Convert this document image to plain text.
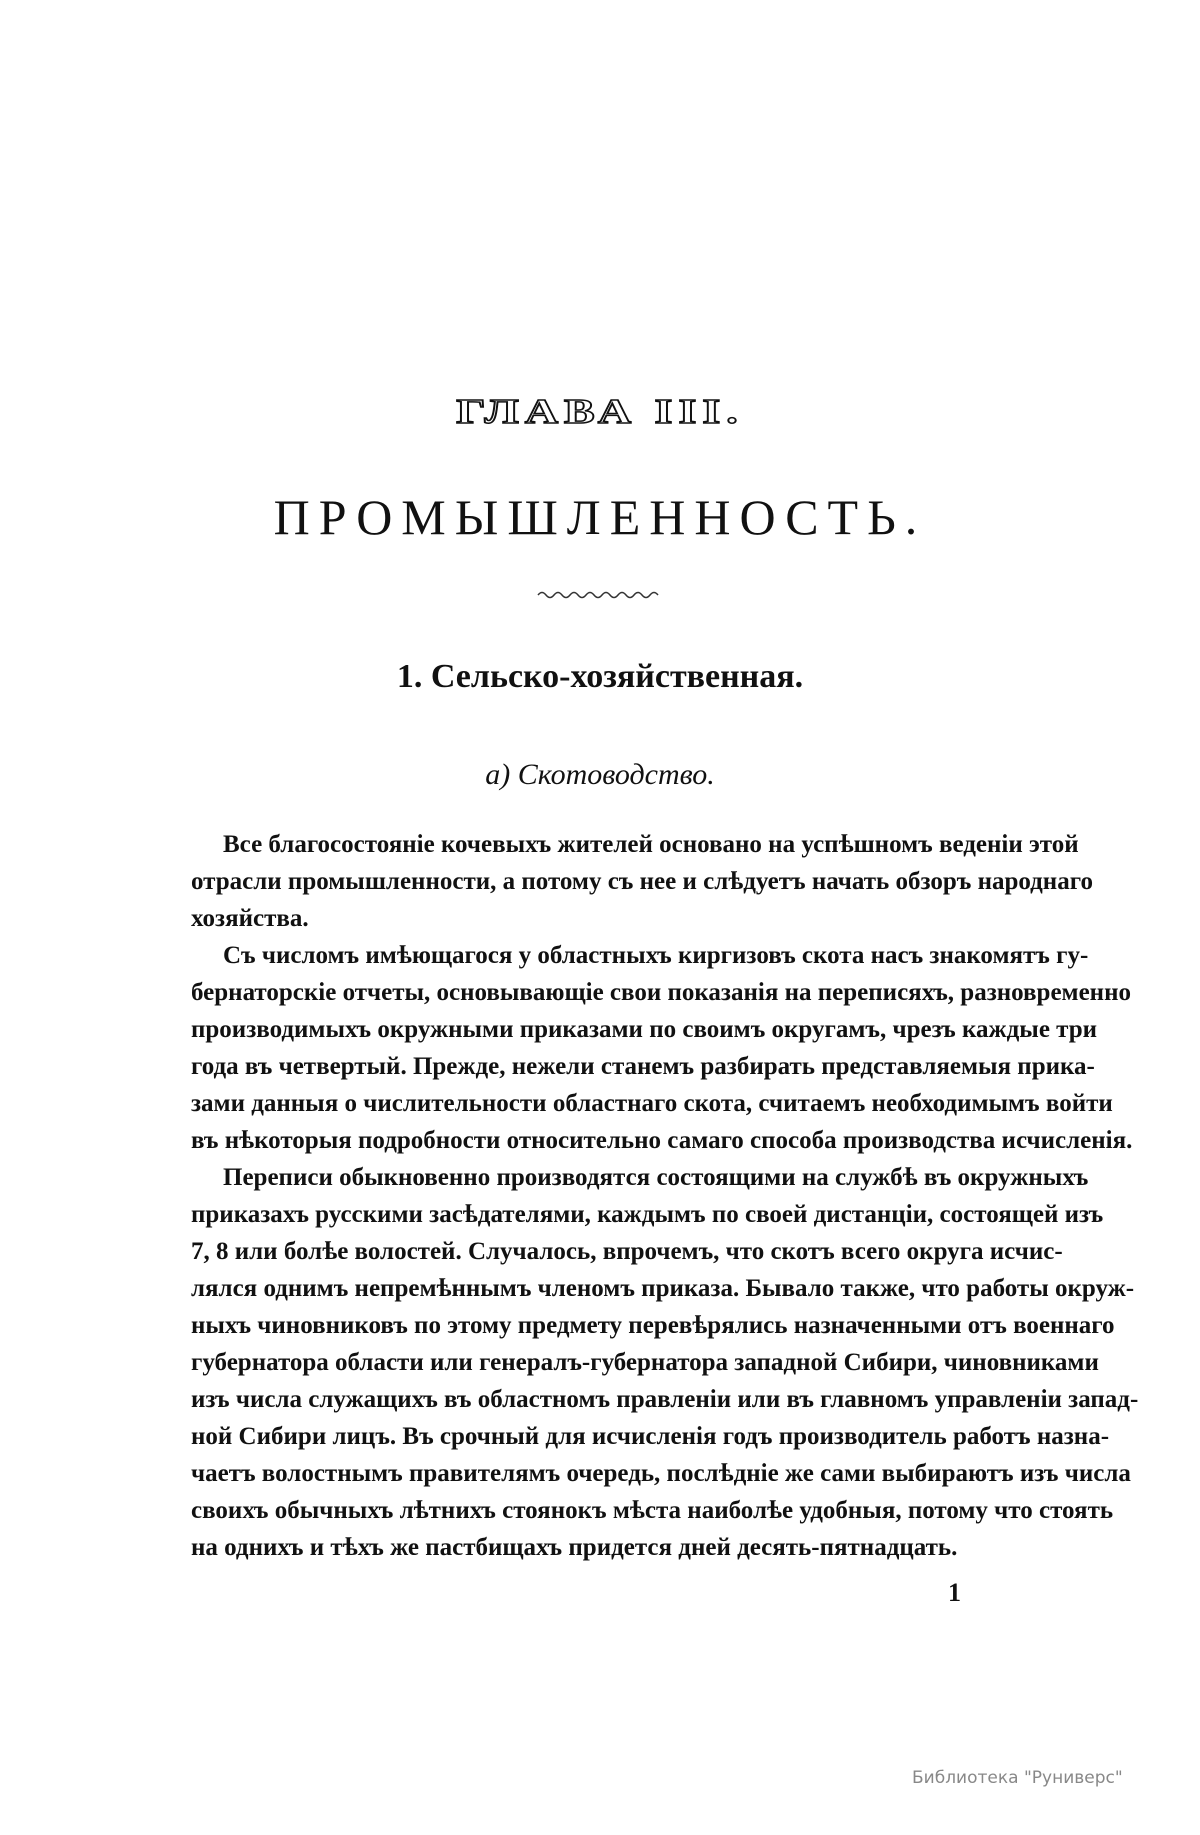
ГЛАВА III.
ПРОМЫШЛЕННОСТЬ.
1. Сельско-хозяйственная.
а) Скотоводство.
Все благосостояніе кочевыхъ жителей основано на успѣшномъ веденіи этой
отрасли промышленности, а потому съ нее и слѣдуетъ начать обзоръ народнаго
хозяйства.
Съ числомъ имѣющагося у областныхъ киргизовъ скота насъ знакомятъ гу-
бернаторскіе отчеты, основывающіе свои показанія на переписяхъ, разновременно
производимыхъ окружными приказами по своимъ округамъ, чрезъ каждые три
года въ четвертый. Прежде, нежели станемъ разбирать представляемыя прика-
зами данныя о числительности областнаго скота, считаемъ необходимымъ войти
въ нѣкоторыя подробности относительно самаго способа производства исчисленія.
Переписи обыкновенно производятся состоящими на службѣ въ окружныхъ
приказахъ русскими засѣдателями, каждымъ по своей дистанціи, состоящей изъ
7, 8 или болѣе волостей. Случалось, впрочемъ, что скотъ всего округа исчис-
лялся однимъ непремѣннымъ членомъ приказа. Бывало также, что работы окруж-
ныхъ чиновниковъ по этому предмету перевѣрялись назначенными отъ военнаго
губернатора области или генералъ-губернатора западной Сибири, чиновниками
изъ числа служащихъ въ областномъ правленіи или въ главномъ управленіи запад-
ной Сибири лицъ. Въ срочный для исчисленія годъ производитель работъ назна-
чаетъ волостнымъ правителямъ очередь, послѣдніе же сами выбираютъ изъ числа
своихъ обычныхъ лѣтнихъ стоянокъ мѣста наиболѣе удобныя, потому что стоять
на однихъ и тѣхъ же пастбищахъ придется дней десять-пятнадцать.
1
Библиотека "Руниверс"
